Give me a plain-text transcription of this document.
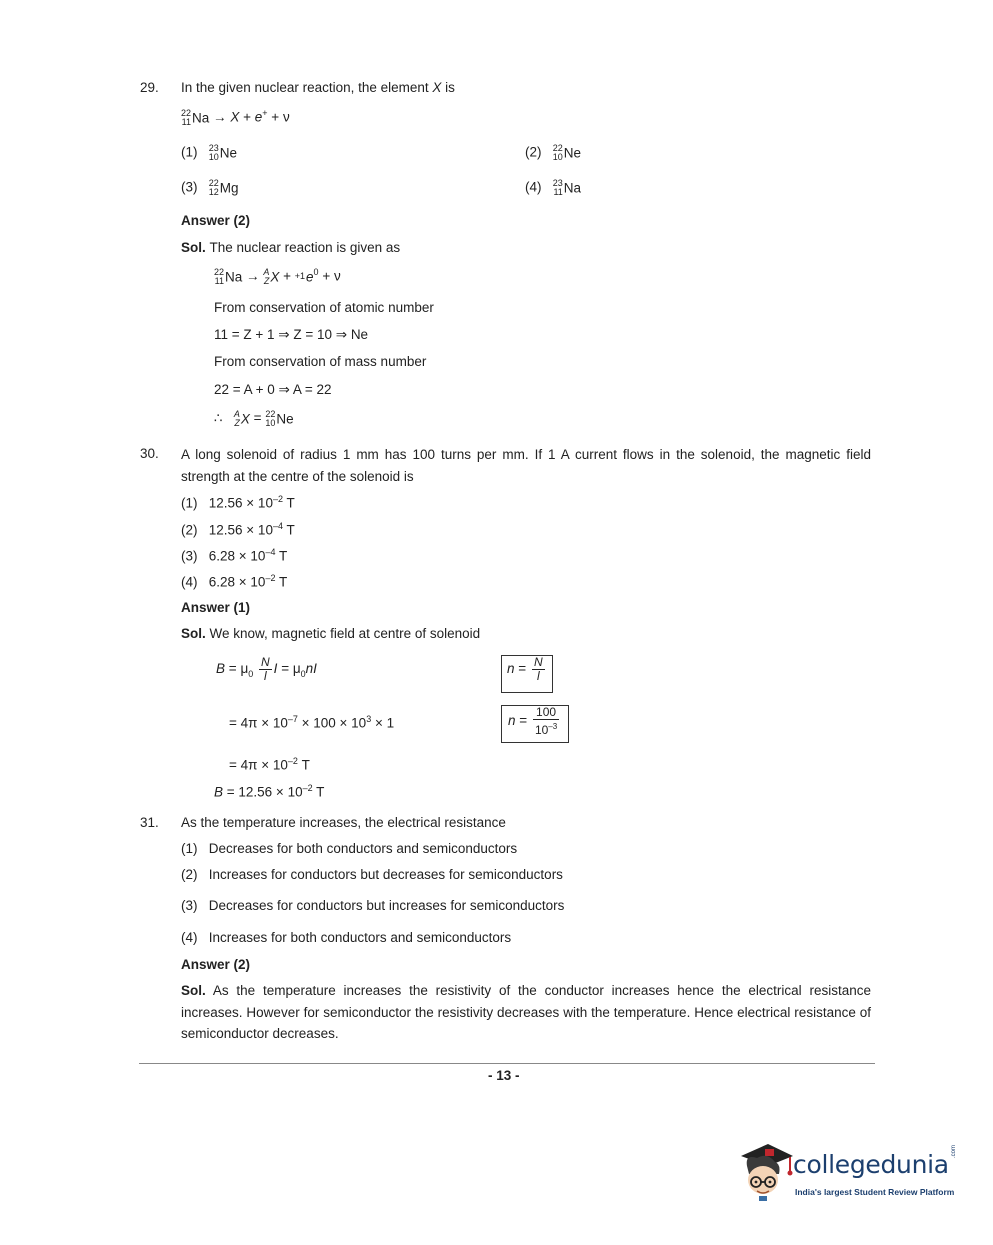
29. In the given nuclear reaction, the element X is
22
11 Na → X + e+ + ν
(1) 23
10 Ne	(2) 22
10 Ne
(3) 22
12 Mg	(4) 23
11 Na
Answer (2)
Sol. The nuclear reaction is given as
22
11 Na → A
Z X + +1 $e^0 + \nu$
From conservation of atomic number
11 = Z + 1 ⇒ Z = 10 ⇒ Ne
From conservation of mass number
22 = A + 0 ⇒ A = 22
∴ A
Z X = 22
10 Ne
30. A long solenoid of radius 1 mm has 100 turns per mm. If 1 A current flows in the solenoid, the magnetic field strength at the centre of the solenoid is
(1) $12.56 \times 10^{-2}$ T
(2) $12.56 \times 10^{-4}$ T
(3) $6.28 \times 10^{-4}$ T
(4) $6.28 \times 10^{-2}$ T
Answer (1)
Sol. We know, magnetic field at centre of solenoid
$B = \mu_0 \frac{N}{l}$ $I = \mu_0nI$	$n = \frac{N}{l}$
= $4\pi \times 10^{-7} \times 100 \times 10^3 \times 1$	$n = \frac{100}{10^{-3}}$
= $4\pi \times 10^{-2}$ T
$B = 12.56 \times 10^{-2}$ T
31. As the temperature increases, the electrical resistance
(1) Decreases for both conductors and semiconductors
(2) Increases for conductors but decreases for semiconductors
(3) Decreases for conductors but increases for semiconductors
(4) Increases for both conductors and semiconductors
Answer (2)
Sol. As the temperature increases the resistivity of the conductor increases hence the electrical resistance increases. However for semiconductor the resistivity decreases with the temperature. Hence electrical resistance of semiconductor decreases.
- 13 -
collegedunia .com
India's largest Student Review Platform
